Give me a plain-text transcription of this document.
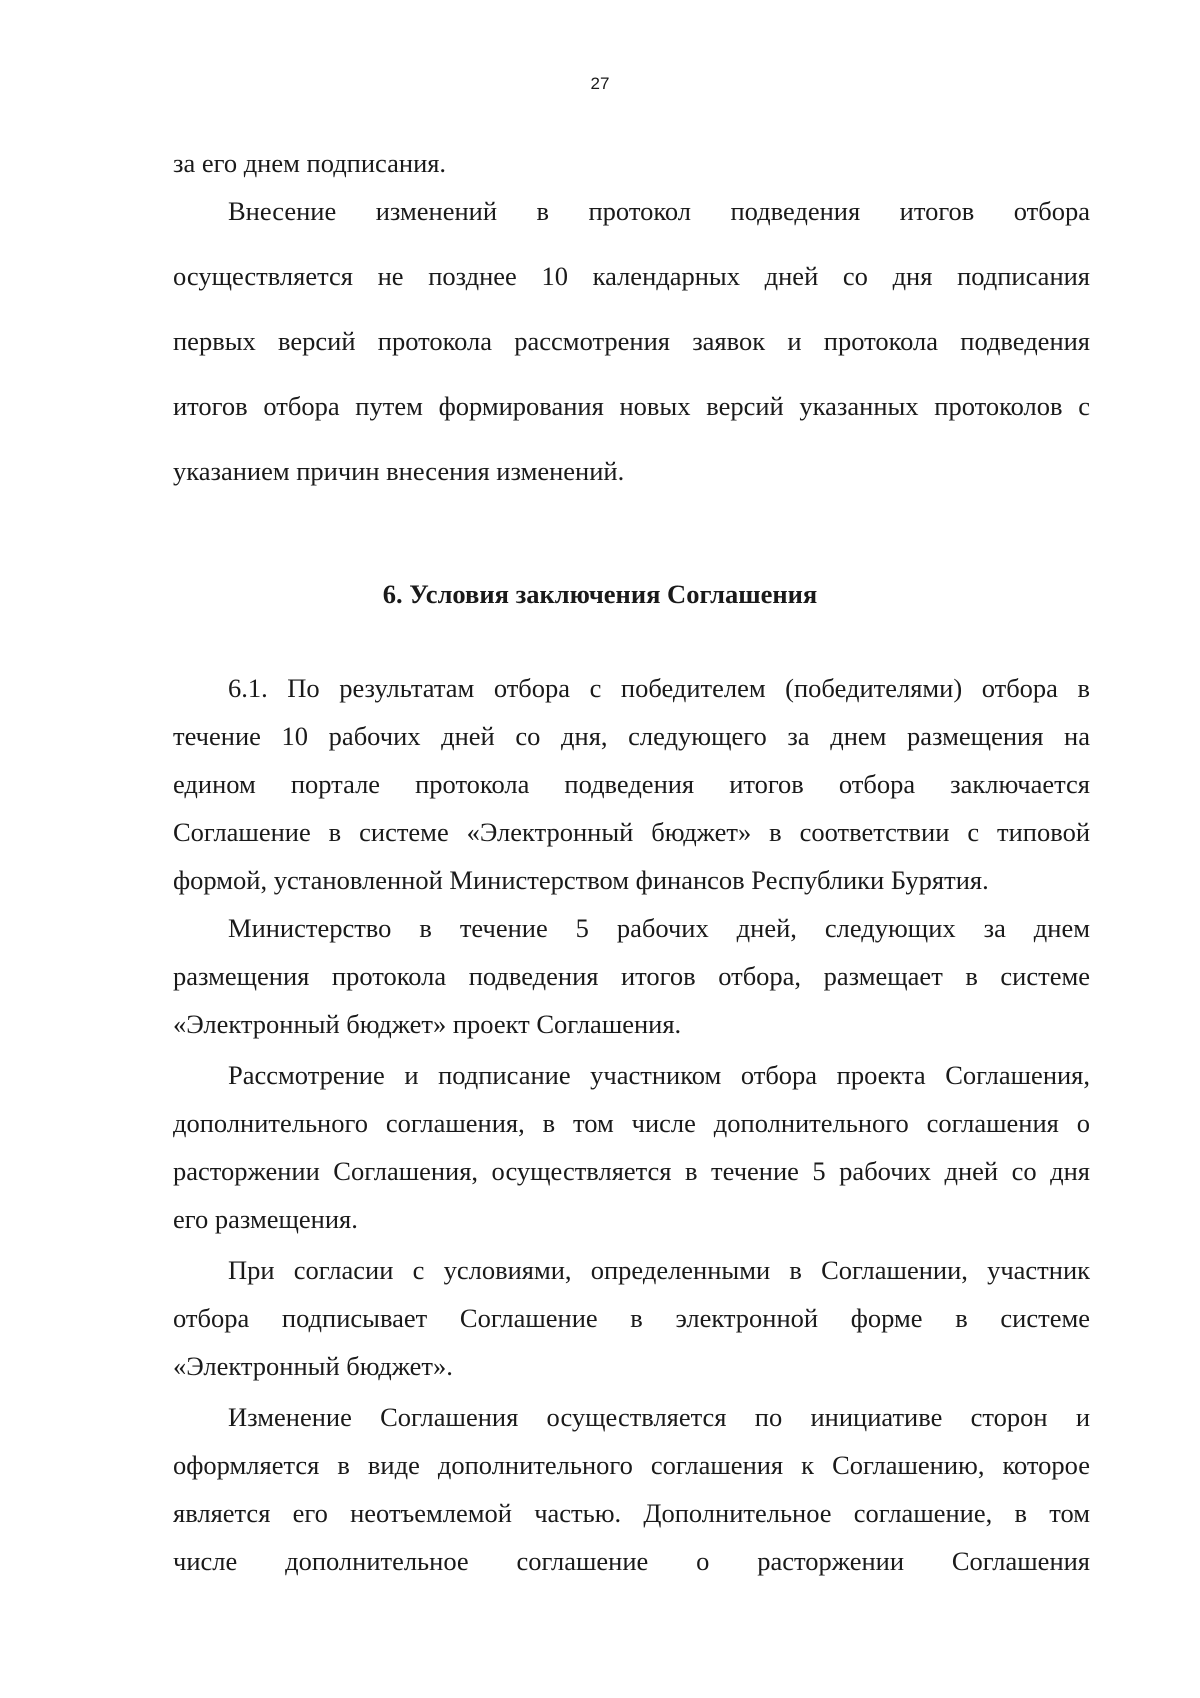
27
за его днем подписания.
Внесение изменений в протокол подведения итогов отбора
осуществляется не позднее 10 календарных дней со дня подписания
первых версий протокола рассмотрения заявок и протокола подведения
итогов отбора путем формирования новых версий указанных протоколов с
указанием причин внесения изменений.
6. Условия заключения Соглашения
6.1. По результатам отбора с победителем (победителями) отбора в
течение 10 рабочих дней со дня, следующего за днем размещения на
едином портале протокола подведения итогов отбора заключается
Соглашение в системе «Электронный бюджет» в соответствии с типовой
формой, установленной Министерством финансов Республики Бурятия.
Министерство в течение 5 рабочих дней, следующих за днем
размещения протокола подведения итогов отбора, размещает в системе
«Электронный бюджет» проект Соглашения.
Рассмотрение и подписание участником отбора проекта Соглашения,
дополнительного соглашения, в том числе дополнительного соглашения о
расторжении Соглашения, осуществляется в течение 5 рабочих дней со дня
его размещения.
При согласии с условиями, определенными в Соглашении, участник
отбора подписывает Соглашение в электронной форме в системе
«Электронный бюджет».
Изменение Соглашения осуществляется по инициативе сторон и
оформляется в виде дополнительного соглашения к Соглашению, которое
является его неотъемлемой частью. Дополнительное соглашение, в том
числе дополнительное соглашение о расторжении Соглашения
